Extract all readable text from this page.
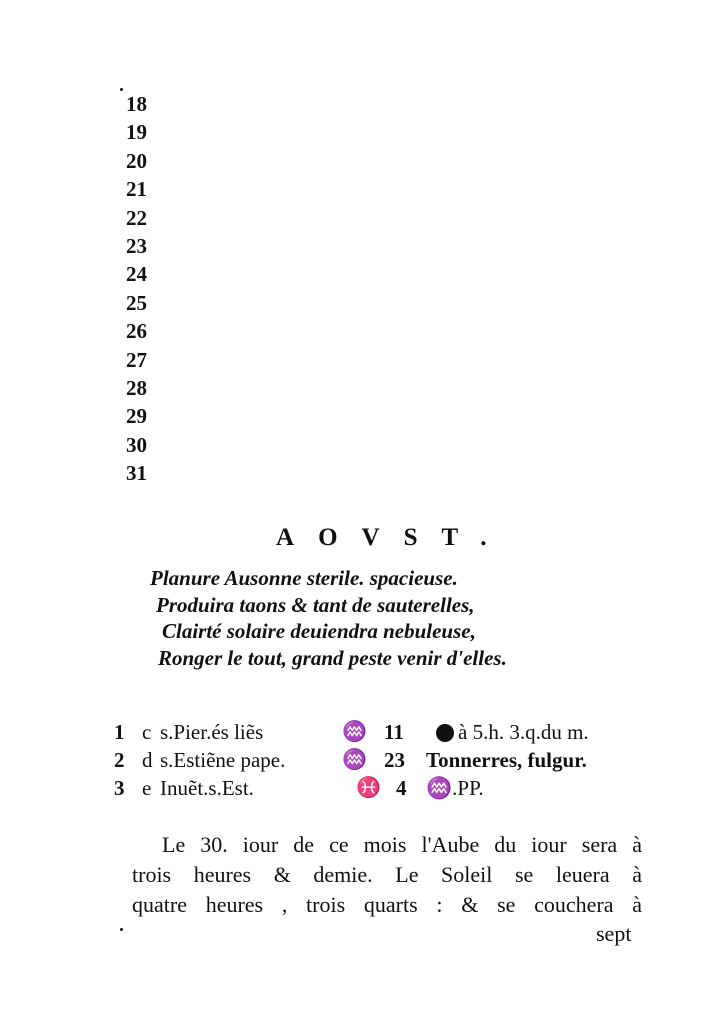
18
19
20
21
22
23
24
25
26
27
28
29
30
31
AOVST.
Planure Ausonne sterile. spacieuse.
Produira taons & tant de sauterelles,
Clairté solaire deuiendra nebuleuse,
Ronger le tout, grand peste venir d'elles.
1 c s.Pier.és liẽs	♒ 11	à 5.h. 3.q.du m.
2 d s.Estiẽne pape.	♒ 23 Tonnerres, fulgur.
3 e Inuẽt.s.Est.	♓ 4 ♒.PP.
Le 30. iour de ce mois l'Aube du iour sera à
trois heures & demie. Le Soleil se leuera à
quatre heures , trois quarts : & se couchera à
sept
